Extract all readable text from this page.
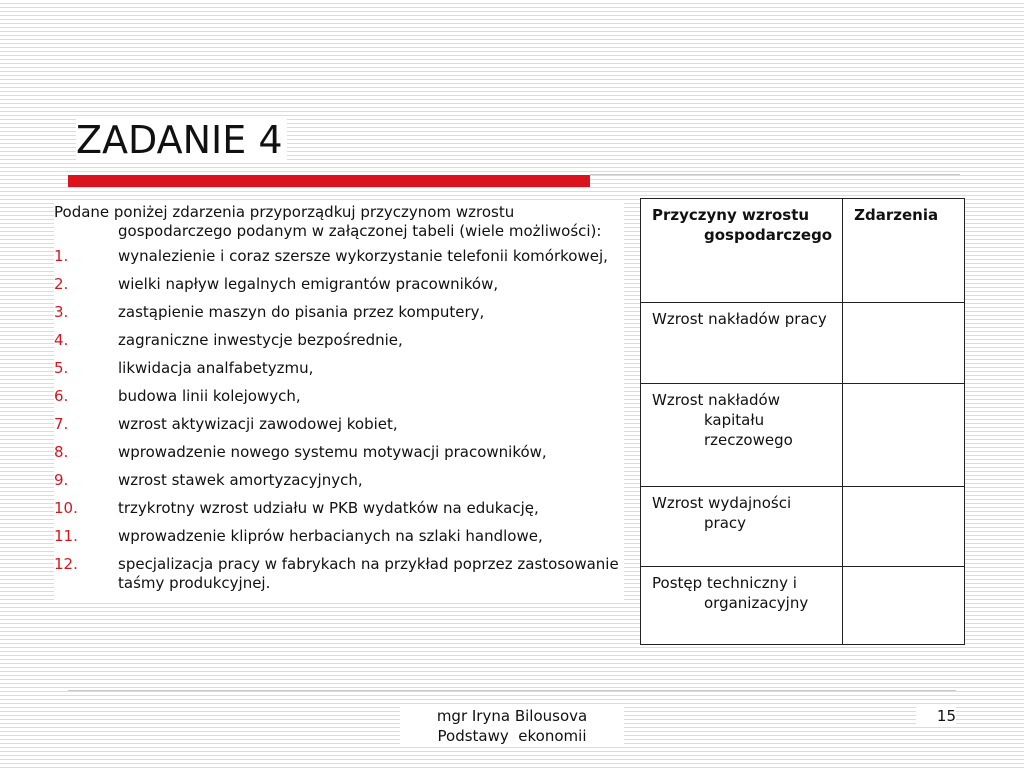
ZADANIE 4

Podane poniżej zdarzenia przyporządkuj przyczynom wzrostu gospodarczego podanym w załączonej tabeli (wiele możliwości):

1.	wynalezienie i coraz szersze wykorzystanie telefonii komórkowej,
2.	wielki napływ legalnych emigrantów pracowników,
3.	zastąpienie maszyn do pisania przez komputery,
4.	zagraniczne inwestycje bezpośrednie,
5.	likwidacja analfabetyzmu,
6.	budowa linii kolejowych,
7.	wzrost aktywizacji zawodowej kobiet,
8.	wprowadzenie nowego systemu motywacji pracowników,
9.	wzrost stawek amortyzacyjnych,
10.	trzykrotny wzrost udziału w PKB wydatków na edukację,
11.	wprowadzenie kliprów herbacianych na szlaki handlowe,
12.	specjalizacja pracy w fabrykach na przykład poprzez zastosowanie taśmy produkcyjnej.
Przyczyny wzrostu gospodarczego	Zdarzenia

Wzrost nakładów pracy	

Wzrost nakładów kapitału rzeczowego	

Wzrost wydajności pracy	

Postęp techniczny i organizacyjny	

mgr Iryna Bilousova
Podstawy  ekonomii
15
